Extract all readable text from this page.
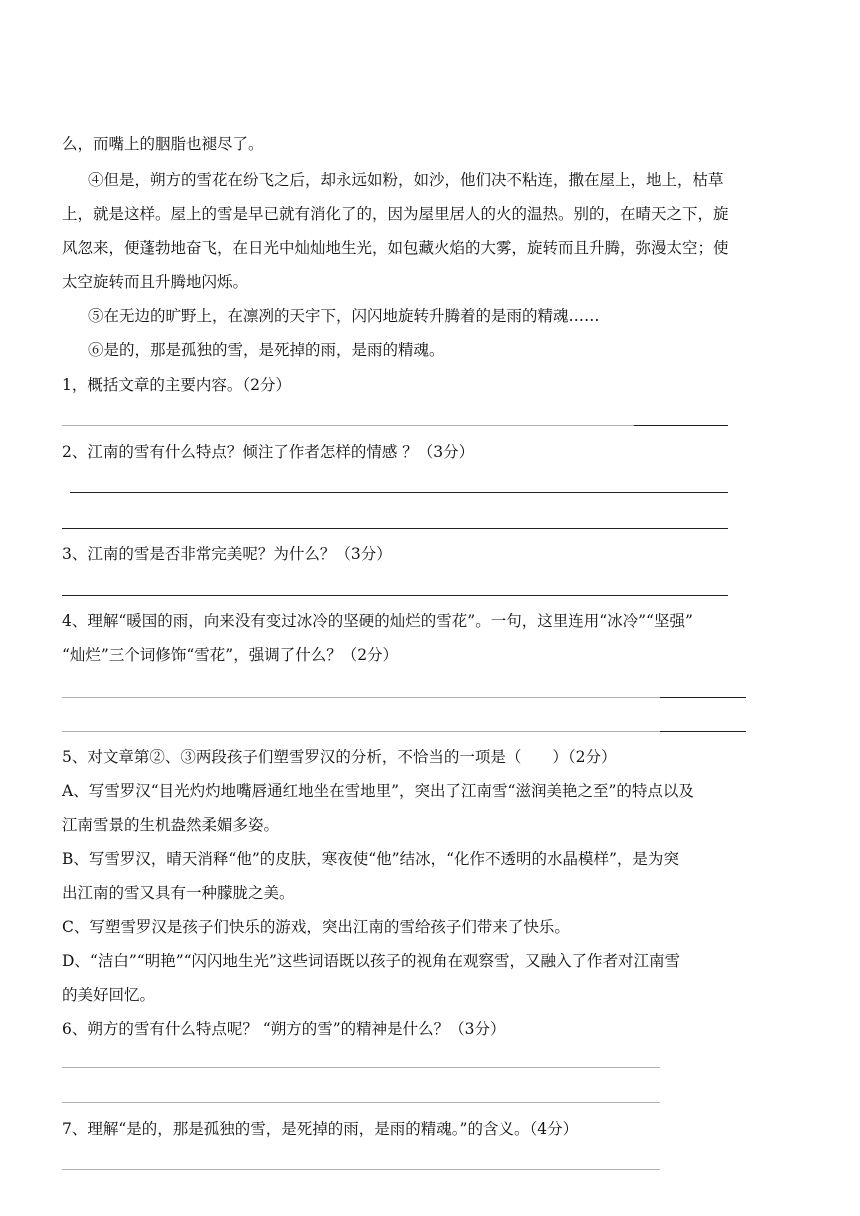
么，而嘴上的胭脂也褪尽了。
④但是，朔方的雪花在纷飞之后，却永远如粉，如沙，他们决不粘连，撒在屋上，地上，枯草
上，就是这样。屋上的雪是早已就有消化了的，因为屋里居人的火的温热。别的，在晴天之下，旋
风忽来，便蓬勃地奋飞，在日光中灿灿地生光，如包藏火焰的大雾，旋转而且升腾，弥漫太空；使
太空旋转而且升腾地闪烁。
⑤在无边的旷野上，在凛冽的天宇下，闪闪地旋转升腾着的是雨的精魂……
⑥是的，那是孤独的雪，是死掉的雨，是雨的精魂。
1，概括文章的主要内容。（2分）
2、江南的雪有什么特点？倾注了作者怎样的情感 ？（3分）
3、江南的雪是否非常完美呢？为什么？（3分）
4、理解“暖国的雨，向来没有变过冰冷的坚硬的灿烂的雪花”。一句，这里连用“冰冷”“坚强”
“灿烂”三个词修饰“雪花”，强调了什么？（2分）
5、对文章第②、③两段孩子们塑雪罗汉的分析，不恰当的一项是（　　）（2分）
A、写雪罗汉“目光灼灼地嘴唇通红地坐在雪地里”，突出了江南雪“滋润美艳之至”的特点以及
江南雪景的生机盎然柔媚多姿。
B、写雪罗汉，晴天消释“他”的皮肤，寒夜使“他”结冰，“化作不透明的水晶模样”，是为突
出江南的雪又具有一种朦胧之美。
C、写塑雪罗汉是孩子们快乐的游戏，突出江南的雪给孩子们带来了快乐。
D、“洁白”“明艳”“闪闪地生光”这些词语既以孩子的视角在观察雪，又融入了作者对江南雪
的美好回忆。
6、朔方的雪有什么特点呢？ “朔方的雪”的精神是什么？（3分）
7、理解“是的，那是孤独的雪，是死掉的雨，是雨的精魂。”的含义。（4分）
